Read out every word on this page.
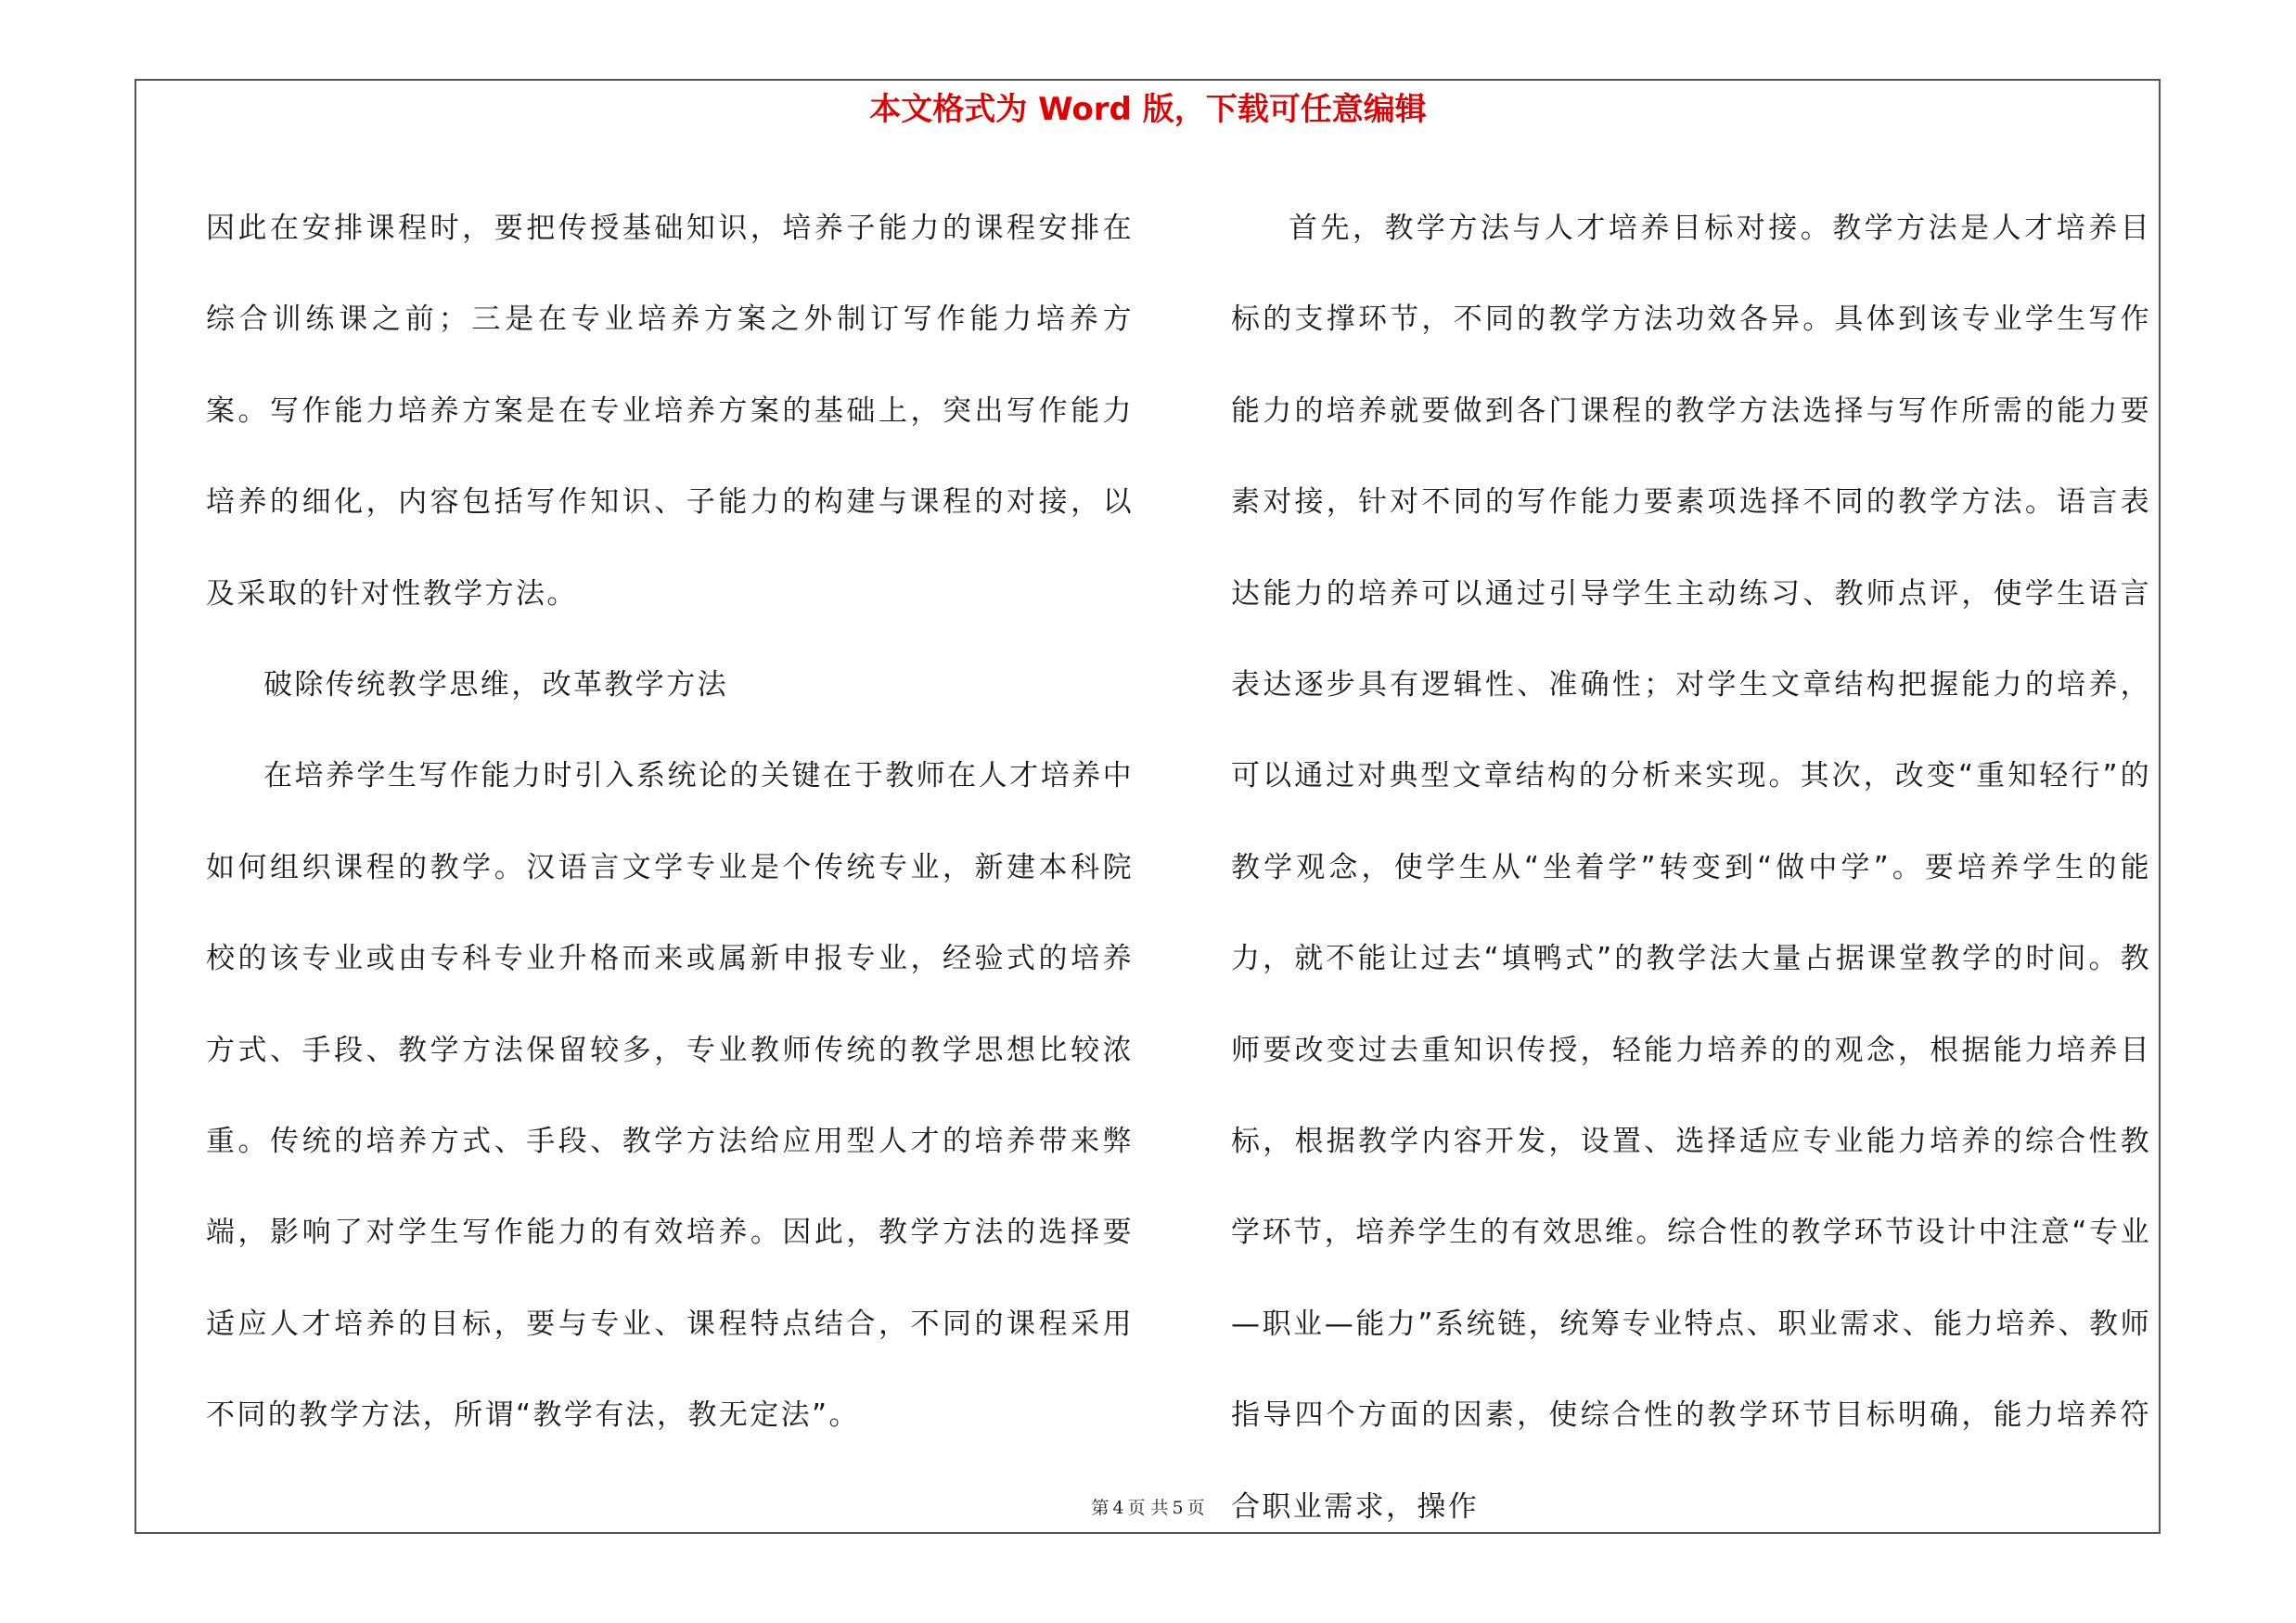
本文格式为 Word 版，下载可任意编辑

因此在安排课程时，要把传授基础知识，培养子能力的课程安排在综合训练课之前；三是在专业培养方案之外制订写作能力培养方案。写作能力培养方案是在专业培养方案的基础上，突出写作能力培养的细化，内容包括写作知识、子能力的构建与课程的对接，以及采取的针对性教学方法。

破除传统教学思维，改革教学方法

在培养学生写作能力时引入系统论的关键在于教师在人才培养中如何组织课程的教学。汉语言文学专业是个传统专业，新建本科院校的该专业或由专科专业升格而来或属新申报专业，经验式的培养方式、手段、教学方法保留较多，专业教师传统的教学思想比较浓重。传统的培养方式、手段、教学方法给应用型人才的培养带来弊端，影响了对学生写作能力的有效培养。因此，教学方法的选择要适应人才培养的目标，要与专业、课程特点结合，不同的课程采用不同的教学方法，所谓“教学有法，教无定法”。

首先，教学方法与人才培养目标对接。教学方法是人才培养目标的支撑环节，不同的教学方法功效各异。具体到该专业学生写作能力的培养就要做到各门课程的教学方法选择与写作所需的能力要素对接，针对不同的写作能力要素项选择不同的教学方法。语言表达能力的培养可以通过引导学生主动练习、教师点评，使学生语言表达逐步具有逻辑性、准确性；对学生文章结构把握能力的培养，可以通过对典型文章结构的分析来实现。其次，改变“重知轻行”的教学观念，使学生从“坐着学”转变到“做中学”。要培养学生的能力，就不能让过去“填鸭式”的教学法大量占据课堂教学的时间。教师要改变过去重知识传授，轻能力培养的的观念，根据能力培养目标，根据教学内容开发，设置、选择适应专业能力培养的综合性教学环节，培养学生的有效思维。综合性的教学环节设计中注意“专业—职业—能力”系统链，统筹专业特点、职业需求、能力培养、教师指导四个方面的因素，使综合性的教学环节目标明确，能力培养符合职业需求，操作

第 4 页 共 5 页
